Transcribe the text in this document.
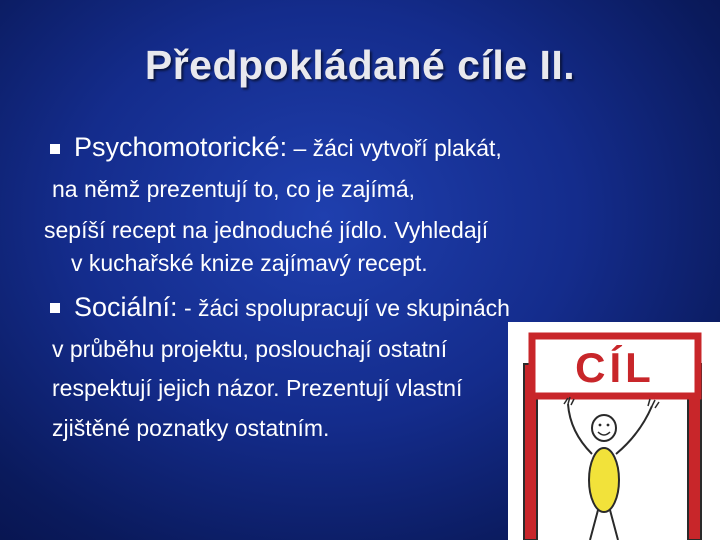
Předpokládané cíle II.
Psychomotorické: – žáci vytvoří plakát,
na němž prezentují to, co je zajímá,
sepíší recept na jednoduché jídlo. Vyhledají
v kuchařské knize zajímavý recept.
Sociální: - žáci spolupracují ve skupinách
v průběhu projektu, poslouchají ostatní
respektují jejich názor. Prezentují vlastní
zjištěné poznatky ostatním.
CÍL
